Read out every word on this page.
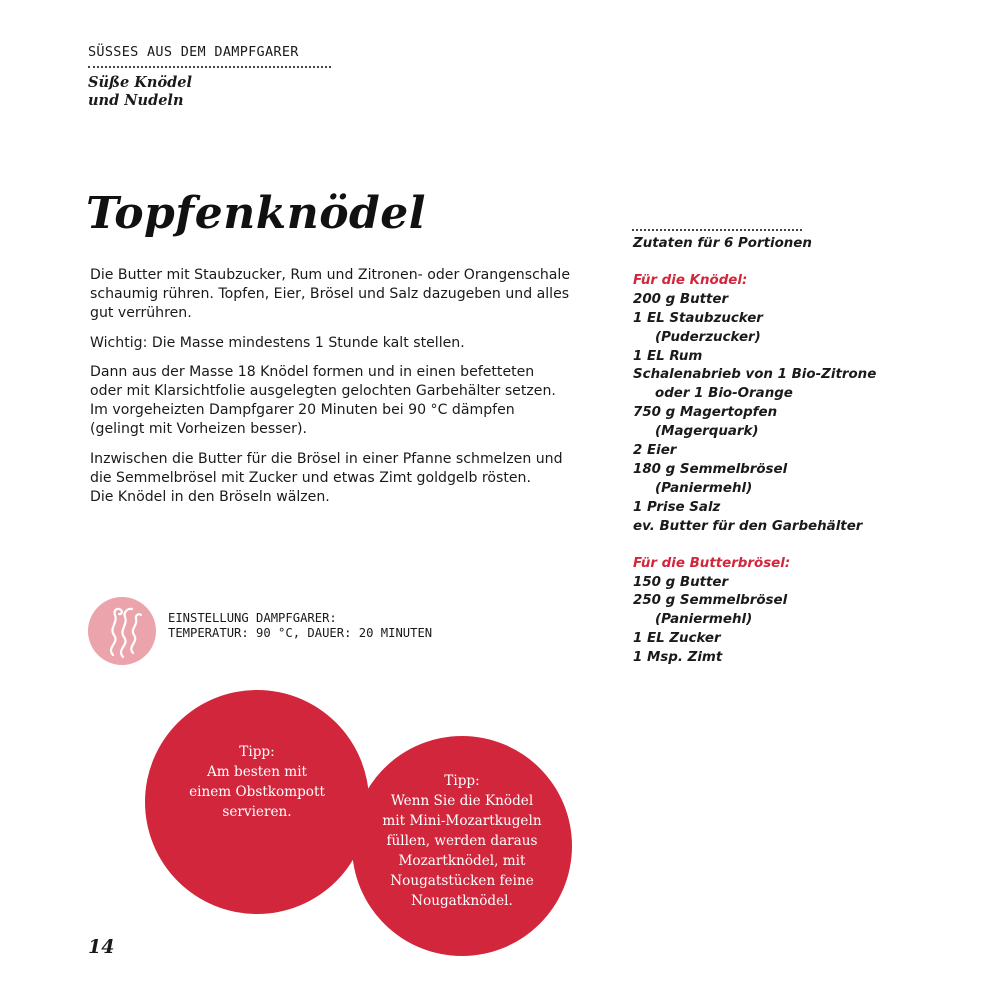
SÜSSES AUS DEM DAMPFGARER
Süße Knödel
und Nudeln
Topfenknödel

Die Butter mit Staubzucker, Rum und Zitronen- oder Orangenschale
schaumig rühren. Topfen, Eier, Brösel und Salz dazugeben und alles
gut verrühren.

Wichtig: Die Masse mindestens 1 Stunde kalt stellen.

Dann aus der Masse 18 Knödel formen und in einen befetteten
oder mit Klarsichtfolie ausgelegten gelochten Garbehälter setzen.
Im vorgeheizten Dampfgarer 20 Minuten bei 90 °C dämpfen
(gelingt mit Vorheizen besser).

Inzwischen die Butter für die Brösel in einer Pfanne schmelzen und
die Semmelbrösel mit Zucker und etwas Zimt goldgelb rösten.
Die Knödel in den Bröseln wälzen.

EINSTELLUNG DAMPFGARER:
TEMPERATUR: 90 °C, DAUER: 20 MINUTEN
Tipp:
Am besten mit
einem Obstkompott
servieren.
Tipp:
Wenn Sie die Knödel
mit Mini-Mozartkugeln
füllen, werden daraus
Mozartknödel, mit
Nougatstücken feine
Nougatknödel.
14
Zutaten für 6 Portionen
Für die Knödel:
200 g Butter
1 EL Staubzucker
(Puderzucker)
1 EL Rum
Schalenabrieb von 1 Bio-Zitrone
oder 1 Bio-Orange
750 g Magertopfen
(Magerquark)
2 Eier
180 g Semmelbrösel
(Paniermehl)
1 Prise Salz
ev. Butter für den Garbehälter
Für die Butterbrösel:
150 g Butter
250 g Semmelbrösel
(Paniermehl)
1 EL Zucker
1 Msp. Zimt
